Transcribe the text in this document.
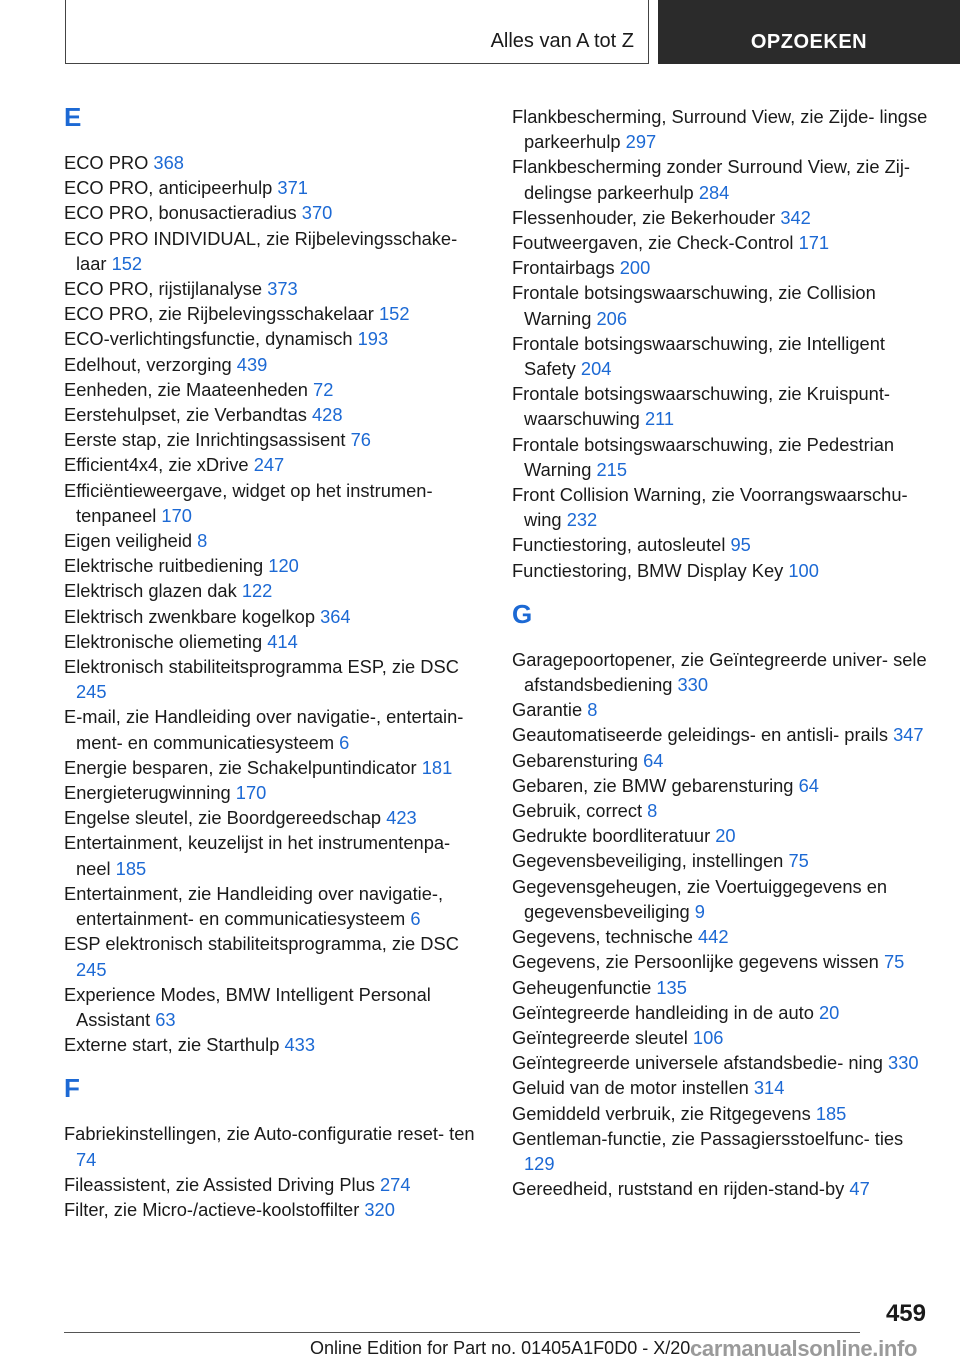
Alles van A tot Z	OPZOEKEN
E
ECO PRO 368
ECO PRO, anticipeerhulp 371
ECO PRO, bonusactieradius 370
ECO PRO INDIVIDUAL, zie Rijbelevingsschake‐ laar 152
ECO PRO, rijstijlanalyse 373
ECO PRO, zie Rijbelevingsschakelaar 152
ECO-verlichtingsfunctie, dynamisch 193
Edelhout, verzorging 439
Eenheden, zie Maateenheden 72
Eerstehulpset, zie Verbandtas 428
Eerste stap, zie Inrichtingsassisent 76
Efficient4x4, zie xDrive 247
Efficiëntieweergave, widget op het instrumen‐ tenpaneel 170
Eigen veiligheid 8
Elektrische ruitbediening 120
Elektrisch glazen dak 122
Elektrisch zwenkbare kogelkop 364
Elektronische oliemeting 414
Elektronisch stabiliteitsprogramma ESP, zie DSC 245
E-mail, zie Handleiding over navigatie-, entertain‐ ment- en communicatiesysteem 6
Energie besparen, zie Schakelpuntindicator 181
Energieterugwinning 170
Engelse sleutel, zie Boordgereedschap 423
Entertainment, keuzelijst in het instrumentenpa‐ neel 185
Entertainment, zie Handleiding over navigatie-, entertainment- en communicatiesysteem 6
ESP elektronisch stabiliteitsprogramma, zie DSC 245
Experience Modes, BMW Intelligent Personal Assistant 63
Externe start, zie Starthulp 433
F
Fabriekinstellingen, zie Auto-configuratie reset‐ ten 74
Fileassistent, zie Assisted Driving Plus 274
Filter, zie Micro-/actieve-koolstoffilter 320
Flankbescherming, Surround View, zie Zijde‐ lingse parkeerhulp 297
Flankbescherming zonder Surround View, zie Zij‐ delingse parkeerhulp 284
Flessenhouder, zie Bekerhouder 342
Foutweergaven, zie Check-Control 171
Frontairbags 200
Frontale botsingswaarschuwing, zie Collision Warning 206
Frontale botsingswaarschuwing, zie Intelligent Safety 204
Frontale botsingswaarschuwing, zie Kruispunt‐ waarschuwing 211
Frontale botsingswaarschuwing, zie Pedestrian Warning 215
Front Collision Warning, zie Voorrangswaarschu‐ wing 232
Functiestoring, autosleutel 95
Functiestoring, BMW Display Key 100
G
Garagepoortopener, zie Geïntegreerde univer‐ sele afstandsbediening 330
Garantie 8
Geautomatiseerde geleidings- en antisli‐ prails 347
Gebarensturing 64
Gebaren, zie BMW gebarensturing 64
Gebruik, correct 8
Gedrukte boordliteratuur 20
Gegevensbeveiliging, instellingen 75
Gegevensgeheugen, zie Voertuiggegevens en gegevensbeveiliging 9
Gegevens, technische 442
Gegevens, zie Persoonlijke gegevens wissen 75
Geheugenfunctie 135
Geïntegreerde handleiding in de auto 20
Geïntegreerde sleutel 106
Geïntegreerde universele afstandsbedie‐ ning 330
Geluid van de motor instellen 314
Gemiddeld verbruik, zie Ritgegevens 185
Gentleman-functie, zie Passagiersstoelfunc‐ ties 129
Gereedheid, ruststand en rijden-stand-by 47
459
Online Edition for Part no. 01405A1F0D0 - X/20 carmanualsonline.info
